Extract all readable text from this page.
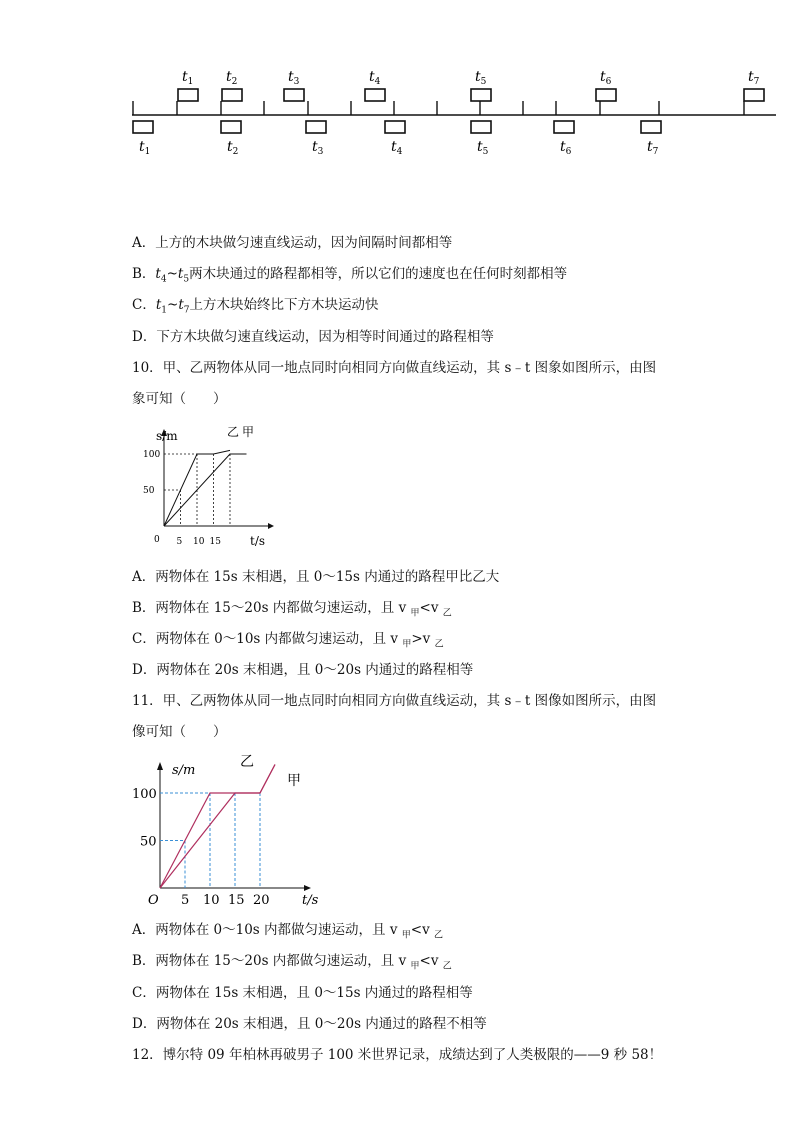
$t_1$ $t_2$	$t_3$	$t_4$	$t_5$	$t_6$	$t_7$
$t_1$	$t_2$	$t_3$	$t_4$	$t_5$	$t_6$	$t_7$
A．上方的木块做匀速直线运动，因为间隔时间都相等
B．$t_4\sim t_5$两木块通过的路程都相等，所以它们的速度也在任何时刻都相等
C．$t_1\sim t_7$上方木块始终比下方木块运动快
D．下方木块做匀速直线运动，因为相等时间通过的路程相等
10．甲、乙两物体从同一地点同时向相同方向做直线运动，其 s﹣t 图象如图所示，由图
象可知（　　）
s/m
t/s
0
50
100
5 10 15
乙 甲
A．两物体在 15s 末相遇，且 0～15s 内通过的路程甲比乙大
B．两物体在 15～20s 内都做匀速运动，且 v $_甲$<v $_乙$
C．两物体在 0～10s 内都做匀速运动，且 v $_甲$>v $_乙$
D．两物体在 20s 末相遇，且 0～20s 内通过的路程相等
11．甲、乙两物体从同一地点同时向相同方向做直线运动，其 s﹣t 图像如图所示，由图
像可知（　　）
s/m
t/s
O
50
100
5 10 15 20
乙
甲
A．两物体在 0～10s 内都做匀速运动，且 v $_甲$<v $_乙$
B．两物体在 15～20s 内都做匀速运动，且 v $_甲$<v $_乙$
C．两物体在 15s 末相遇，且 0～15s 内通过的路程相等
D．两物体在 20s 末相遇，且 0～20s 内通过的路程不相等
12．博尔特 09 年柏林再破男子 100 米世界记录，成绩达到了人类极限的——9 秒 58！
